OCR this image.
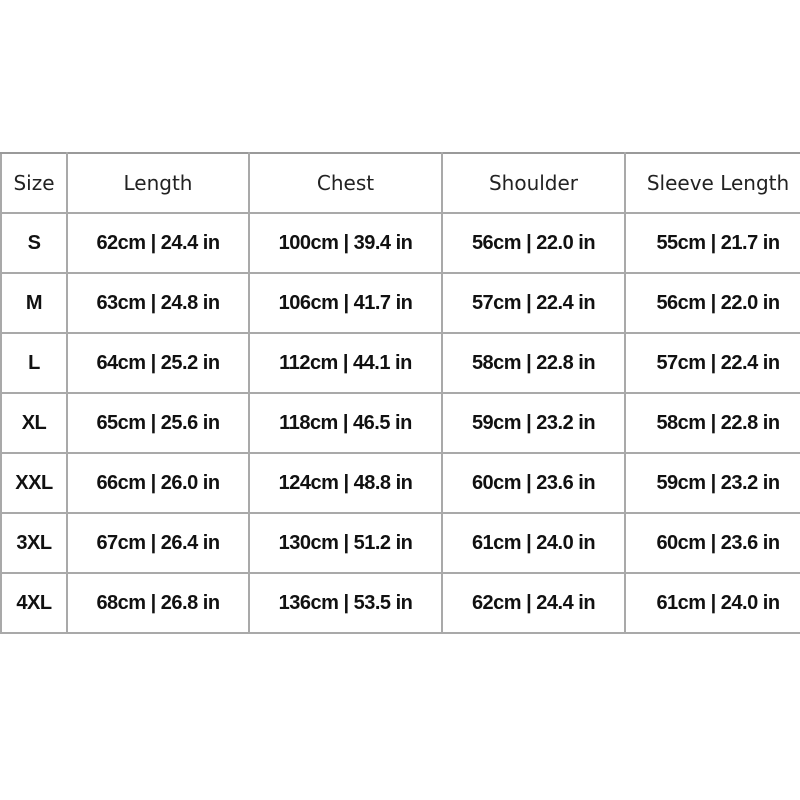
Size	Length	Chest	Shoulder	Sleeve Length
S	62cm | 24.4 in	100cm | 39.4 in	56cm | 22.0 in	55cm | 21.7 in
M	63cm | 24.8 in	106cm | 41.7 in	57cm | 22.4 in	56cm | 22.0 in
L	64cm | 25.2 in	112cm | 44.1 in	58cm | 22.8 in	57cm | 22.4 in
XL	65cm | 25.6 in	118cm | 46.5 in	59cm | 23.2 in	58cm | 22.8 in
XXL	66cm | 26.0 in	124cm | 48.8 in	60cm | 23.6 in	59cm | 23.2 in
3XL	67cm | 26.4 in	130cm | 51.2 in	61cm | 24.0 in	60cm | 23.6 in
4XL	68cm | 26.8 in	136cm | 53.5 in	62cm | 24.4 in	61cm | 24.0 in
